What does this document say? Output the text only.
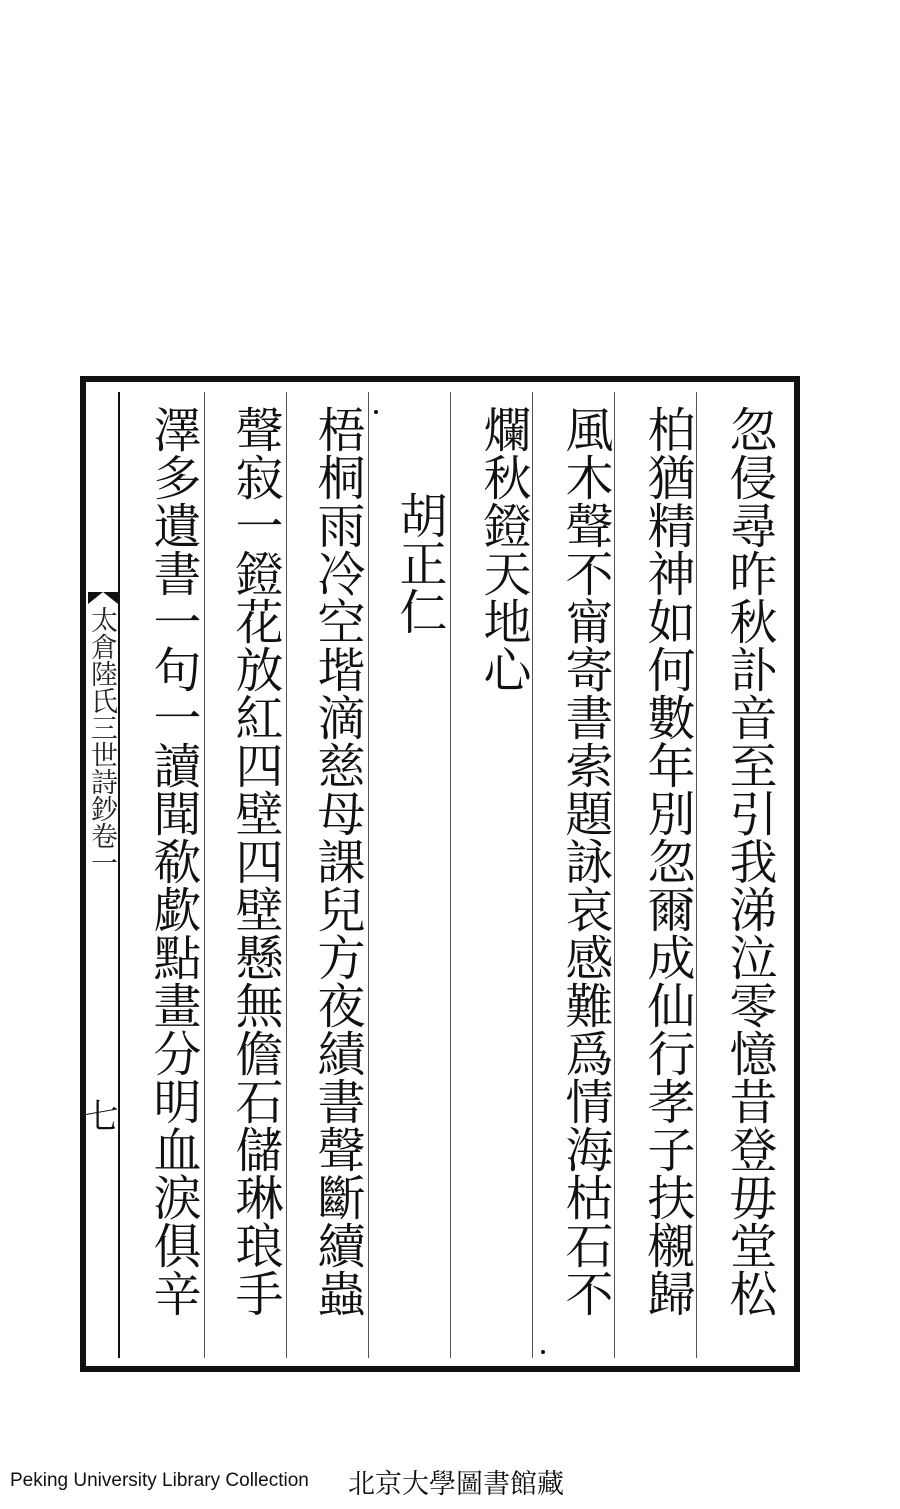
忽侵尋昨秋訃音至引我涕泣零憶昔登毋堂松
柏猶精神如何數年別忽爾成仙行孝子扶櫬歸
風木聲不甯寄書索題詠哀感難爲情海枯石不
爛秋鐙天地心
胡正仁
梧桐雨冷空堦滴慈母課兒方夜績書聲斷續蟲
聲寂一鐙花放紅四壁四壁懸無儋石儲琳琅手
澤多遺書一句一讀聞欷歔點畫分明血淚俱辛
太倉陸氏三世詩鈔卷一
七
Peking University Library Collection 北京大學圖書館藏
